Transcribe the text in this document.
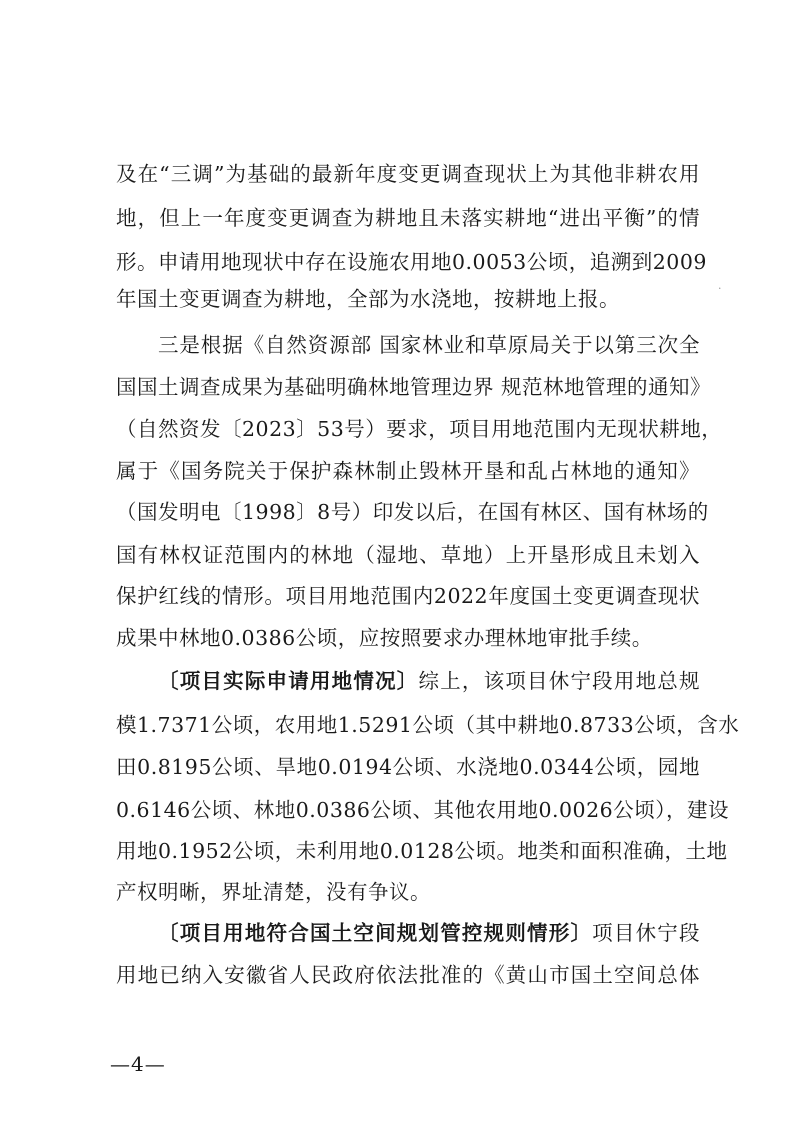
及在“三调”为基础的最新年度变更调查现状上为其他非耕农用
地，但上一年度变更调查为耕地且未落实耕地“进出平衡”的情
形。申请用地现状中存在设施农用地0.0053公顷，追溯到2009
年国土变更调查为耕地，全部为水浇地，按耕地上报。
三是根据《自然资源部 国家林业和草原局关于以第三次全
国国土调查成果为基础明确林地管理边界 规范林地管理的通知》
（自然资发〔2023〕53号）要求，项目用地范围内无现状耕地，
属于《国务院关于保护森林制止毁林开垦和乱占林地的通知》
（国发明电〔1998〕8号）印发以后，在国有林区、国有林场的
国有林权证范围内的林地（湿地、草地）上开垦形成且未划入
保护红线的情形。项目用地范围内2022年度国土变更调查现状
成果中林地0.0386公顷，应按照要求办理林地审批手续。
〔项目实际申请用地情况〕综上，该项目休宁段用地总规
模1.7371公顷，农用地1.5291公顷（其中耕地0.8733公顷，含水
田0.8195公顷、旱地0.0194公顷、水浇地0.0344公顷，园地
0.6146公顷、林地0.0386公顷、其他农用地0.0026公顷），建设
用地0.1952公顷，未利用地0.0128公顷。地类和面积准确，土地
产权明晰，界址清楚，没有争议。
〔项目用地符合国土空间规划管控规则情形〕项目休宁段
用地已纳入安徽省人民政府依法批准的《黄山市国土空间总体
·
—4—
